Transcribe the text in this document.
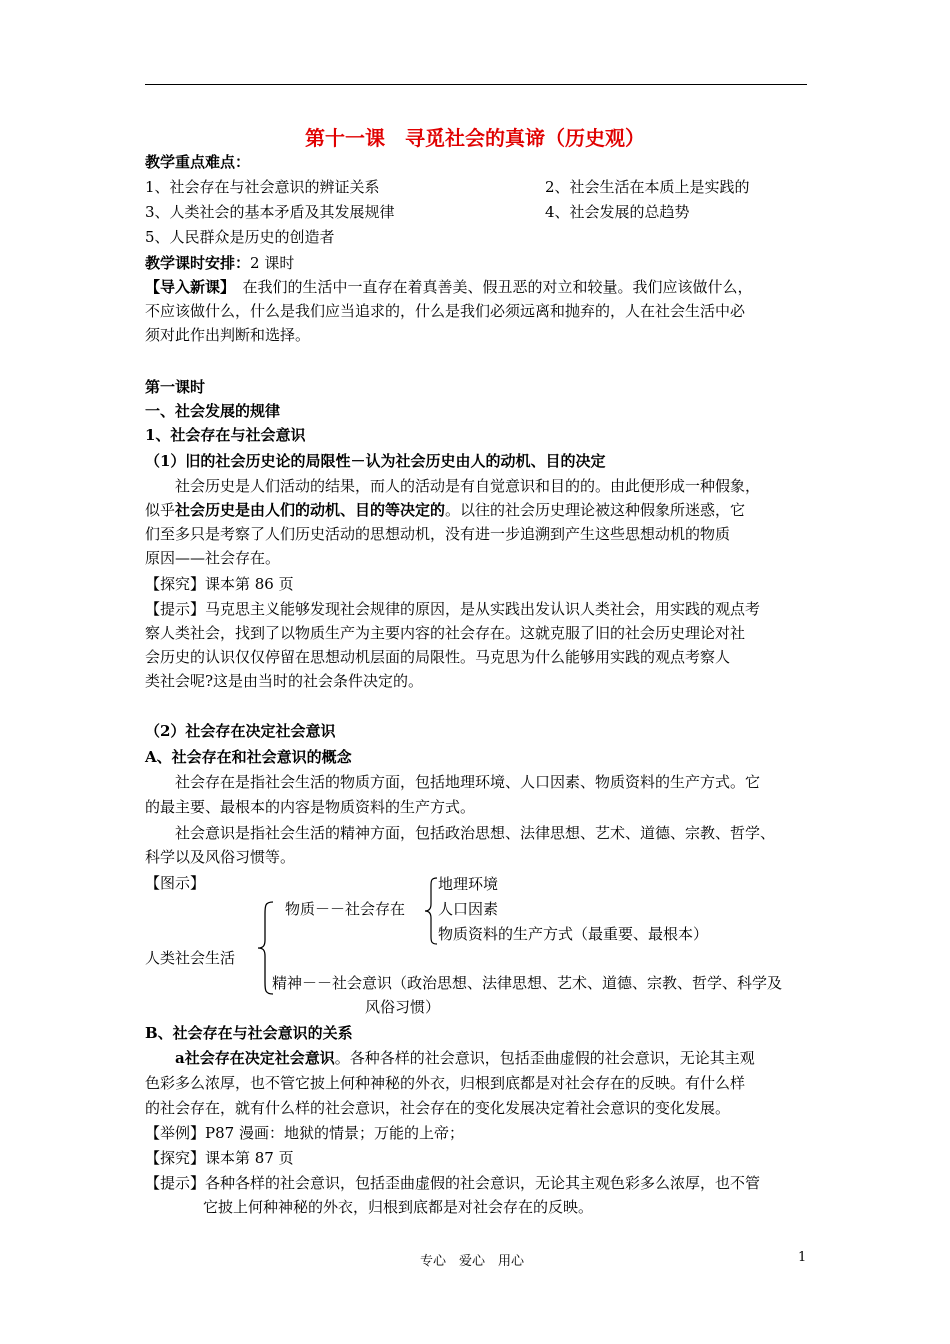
第十一课　寻觅社会的真谛（历史观）
教学重点难点：
1、社会存在与社会意识的辨证关系	2、社会生活在本质上是实践的
3、人类社会的基本矛盾及其发展规律	4、社会发展的总趋势
5、人民群众是历史的创造者
教学课时安排：2 课时
【导入新课】　在我们的生活中一直存在着真善美、假丑恶的对立和较量。我们应该做什么，
不应该做什么，什么是我们应当追求的，什么是我们必须远离和抛弃的，人在社会生活中必
须对此作出判断和选择。
第一课时
一、社会发展的规律
1、社会存在与社会意识
（1）旧的社会历史论的局限性－认为社会历史由人的动机、目的决定
社会历史是人们活动的结果，而人的活动是有自觉意识和目的的。由此便形成一种假象，
似乎社会历史是由人们的动机、目的等决定的。以往的社会历史理论被这种假象所迷惑，它
们至多只是考察了人们历史活动的思想动机，没有进一步追溯到产生这些思想动机的物质
原因——社会存在。
【探究】课本第 86 页
【提示】马克思主义能够发现社会规律的原因，是从实践出发认识人类社会，用实践的观点考
察人类社会，找到了以物质生产为主要内容的社会存在。这就克服了旧的社会历史理论对社
会历史的认识仅仅停留在思想动机层面的局限性。马克思为什么能够用实践的观点考察人
类社会呢?这是由当时的社会条件决定的。
（2）社会存在决定社会意识
A、社会存在和社会意识的概念
社会存在是指社会生活的物质方面，包括地理环境、人口因素、物质资料的生产方式。它
的最主要、最根本的内容是物质资料的生产方式。
社会意识是指社会生活的精神方面，包括政治思想、法律思想、艺术、道德、宗教、哲学、
科学以及风俗习惯等。
【图示】
物质－－社会存在
地理环境
人口因素
物质资料的生产方式（最重要、最根本）
人类社会生活
精神－－社会意识（政治思想、法律思想、艺术、道德、宗教、哲学、科学及
风俗习惯）
B、社会存在与社会意识的关系
a社会存在决定社会意识。各种各样的社会意识，包括歪曲虚假的社会意识，无论其主观
色彩多么浓厚，也不管它披上何种神秘的外衣，归根到底都是对社会存在的反映。有什么样
的社会存在，就有什么样的社会意识，社会存在的变化发展决定着社会意识的变化发展。
【举例】P87 漫画：地狱的情景；万能的上帝；
【探究】课本第 87 页
【提示】各种各样的社会意识，包括歪曲虚假的社会意识，无论其主观色彩多么浓厚，也不管
它披上何种神秘的外衣，归根到底都是对社会存在的反映。
专心　爱心　用心	1
